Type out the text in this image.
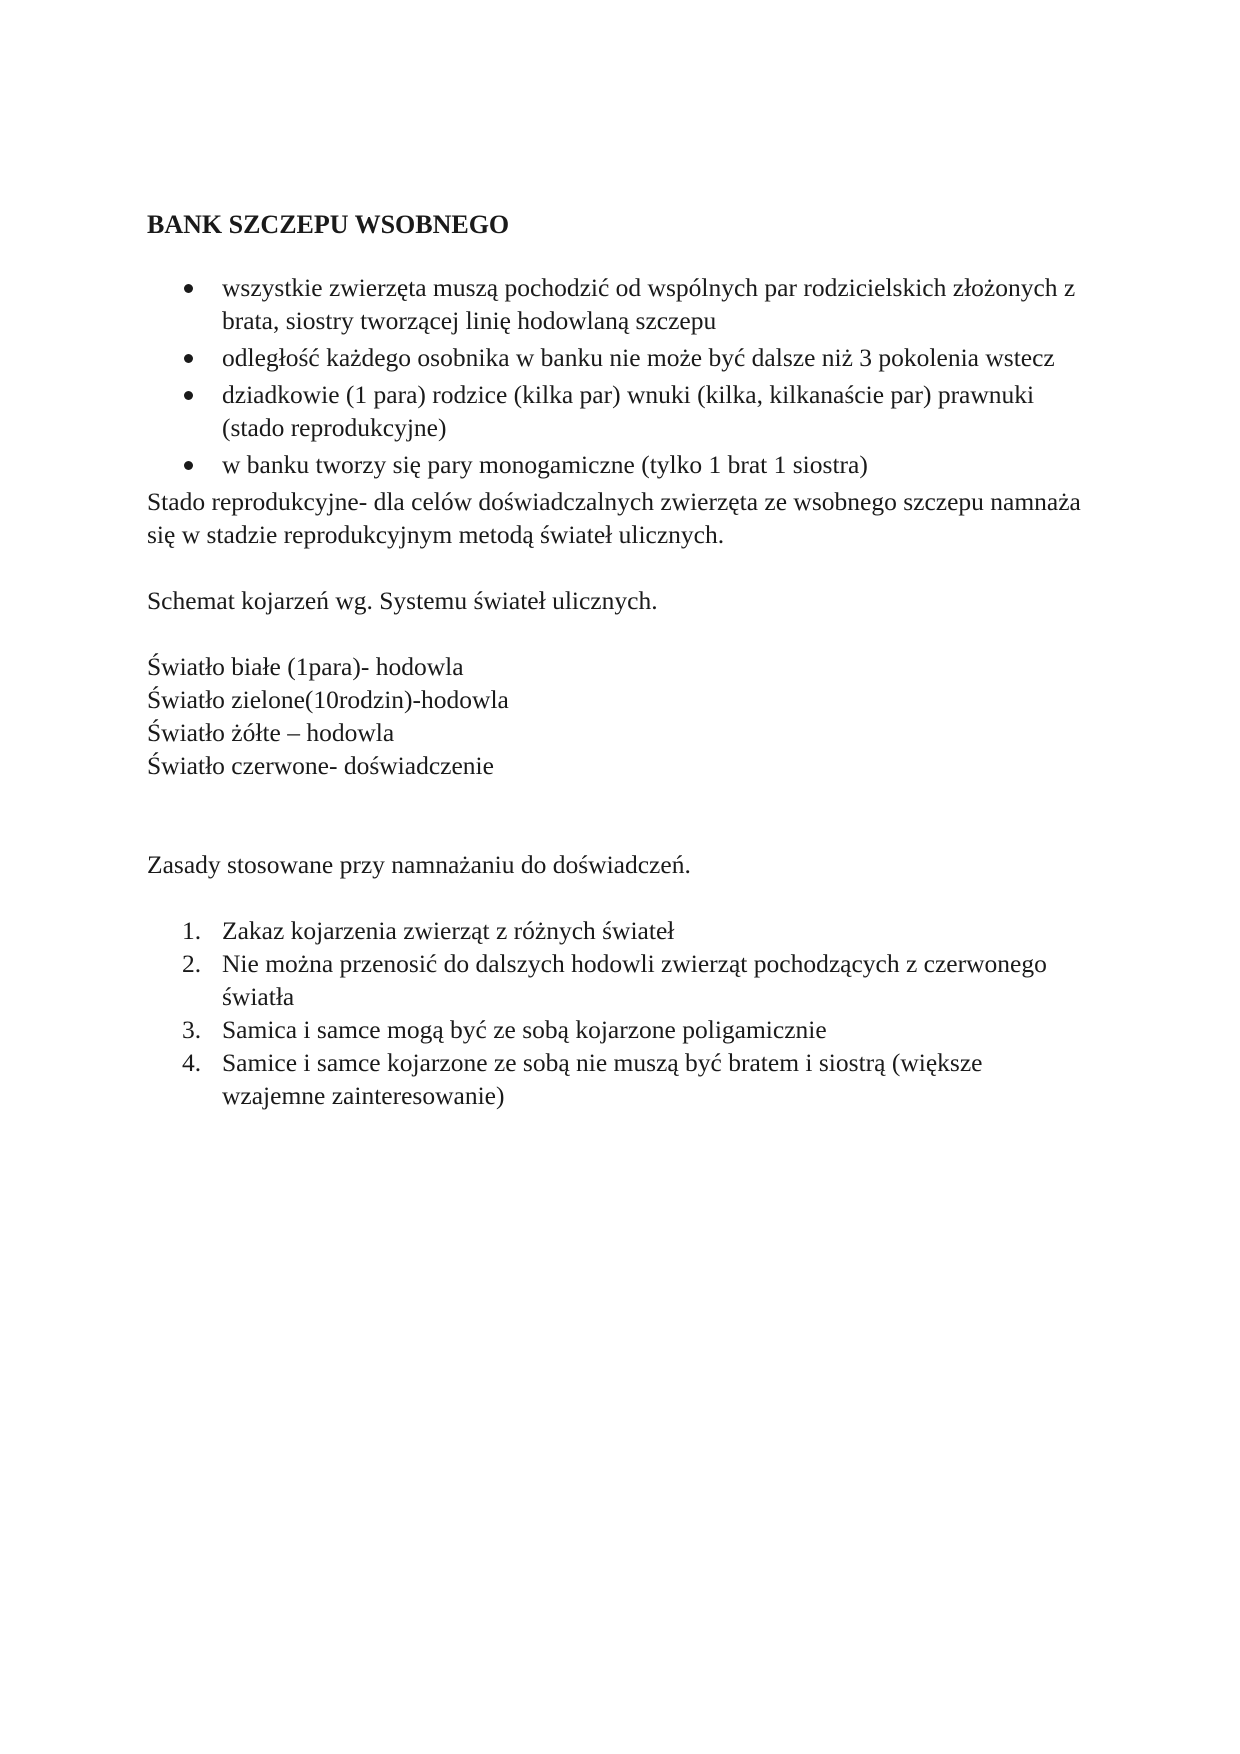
BANK SZCZEPU WSOBNEGO
wszystkie zwierzęta muszą pochodzić od wspólnych par rodzicielskich złożonych z brata, siostry tworzącej linię hodowlaną szczepu
odległość każdego osobnika w banku nie może być dalsze niż 3 pokolenia wstecz
dziadkowie (1 para) rodzice (kilka par) wnuki (kilka, kilkanaście par) prawnuki (stado reprodukcyjne)
w banku tworzy się pary monogamiczne (tylko 1 brat 1 siostra)

Stado reprodukcyjne- dla celów doświadczalnych zwierzęta ze wsobnego szczepu namnaża się w stadzie reprodukcyjnym metodą świateł ulicznych.

Schemat kojarzeń wg. Systemu świateł ulicznych.

Światło białe (1para)- hodowla
Światło zielone(10rodzin)-hodowla
Światło żółte – hodowla
Światło czerwone- doświadczenie

Zasady stosowane przy namnażaniu do doświadczeń.

1. Zakaz kojarzenia zwierząt z różnych świateł
2. Nie można przenosić do dalszych hodowli zwierząt pochodzących z czerwonego światła
3. Samica i samce mogą być ze sobą kojarzone poligamicznie
4. Samice i samce kojarzone ze sobą nie muszą być bratem i siostrą (większe wzajemne zainteresowanie)
